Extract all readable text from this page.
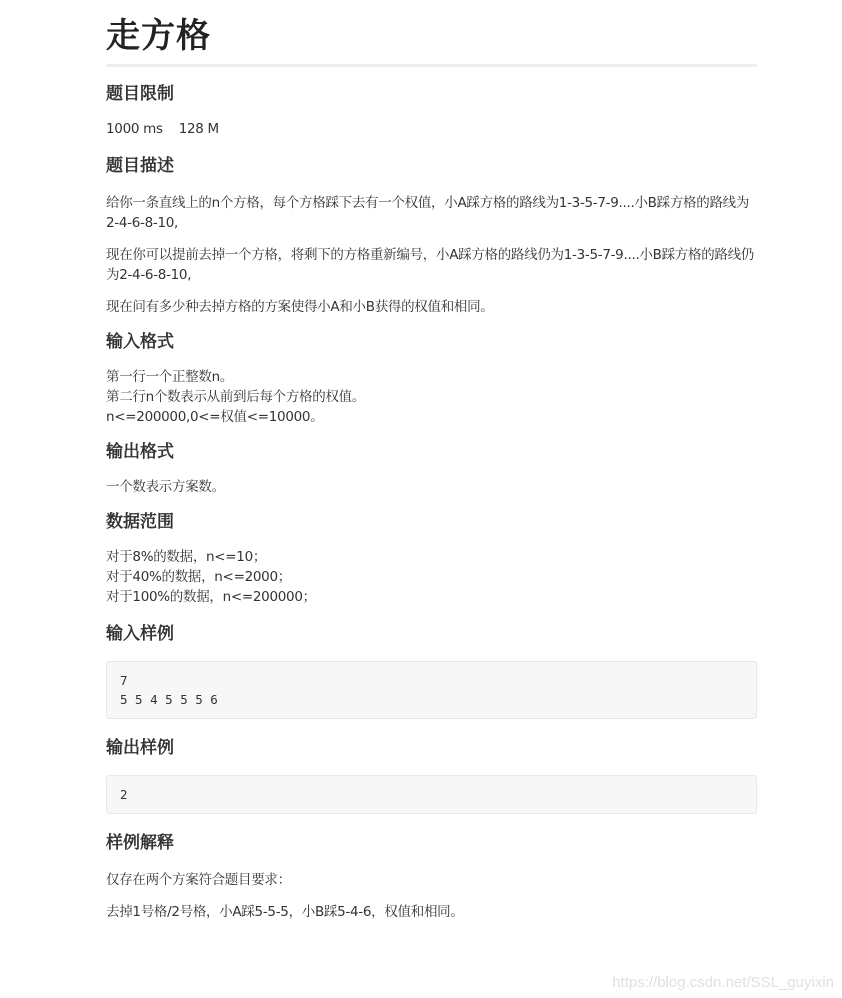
走方格
题目限制

1000 ms    128 M

题目描述

给你一条直线上的n个方格，每个方格踩下去有一个权值，小A踩方格的路线为1-3-5-7-9....小B踩方格的路线为2-4-6-8-10,

现在你可以提前去掉一个方格，将剩下的方格重新编号，小A踩方格的路线仍为1-3-5-7-9....小B踩方格的路线仍为2-4-6-8-10,

现在问有多少种去掉方格的方案使得小A和小B获得的权值和相同。

输入格式

第一行一个正整数n。

第二行n个数表示从前到后每个方格的权值。

n<=200000,0<=权值<=10000。

输出格式

一个数表示方案数。

数据范围

对于8%的数据，n<=10；

对于40%的数据，n<=2000；

对于100%的数据，n<=200000；

输入样例
7
5 5 4 5 5 5 6
输出样例
2
样例解释

仅存在两个方案符合题目要求：

去掉1号格/2号格，小A踩5-5-5，小B踩5-4-6，权值和相同。

https://blog.csdn.net/SSL_guyixin
